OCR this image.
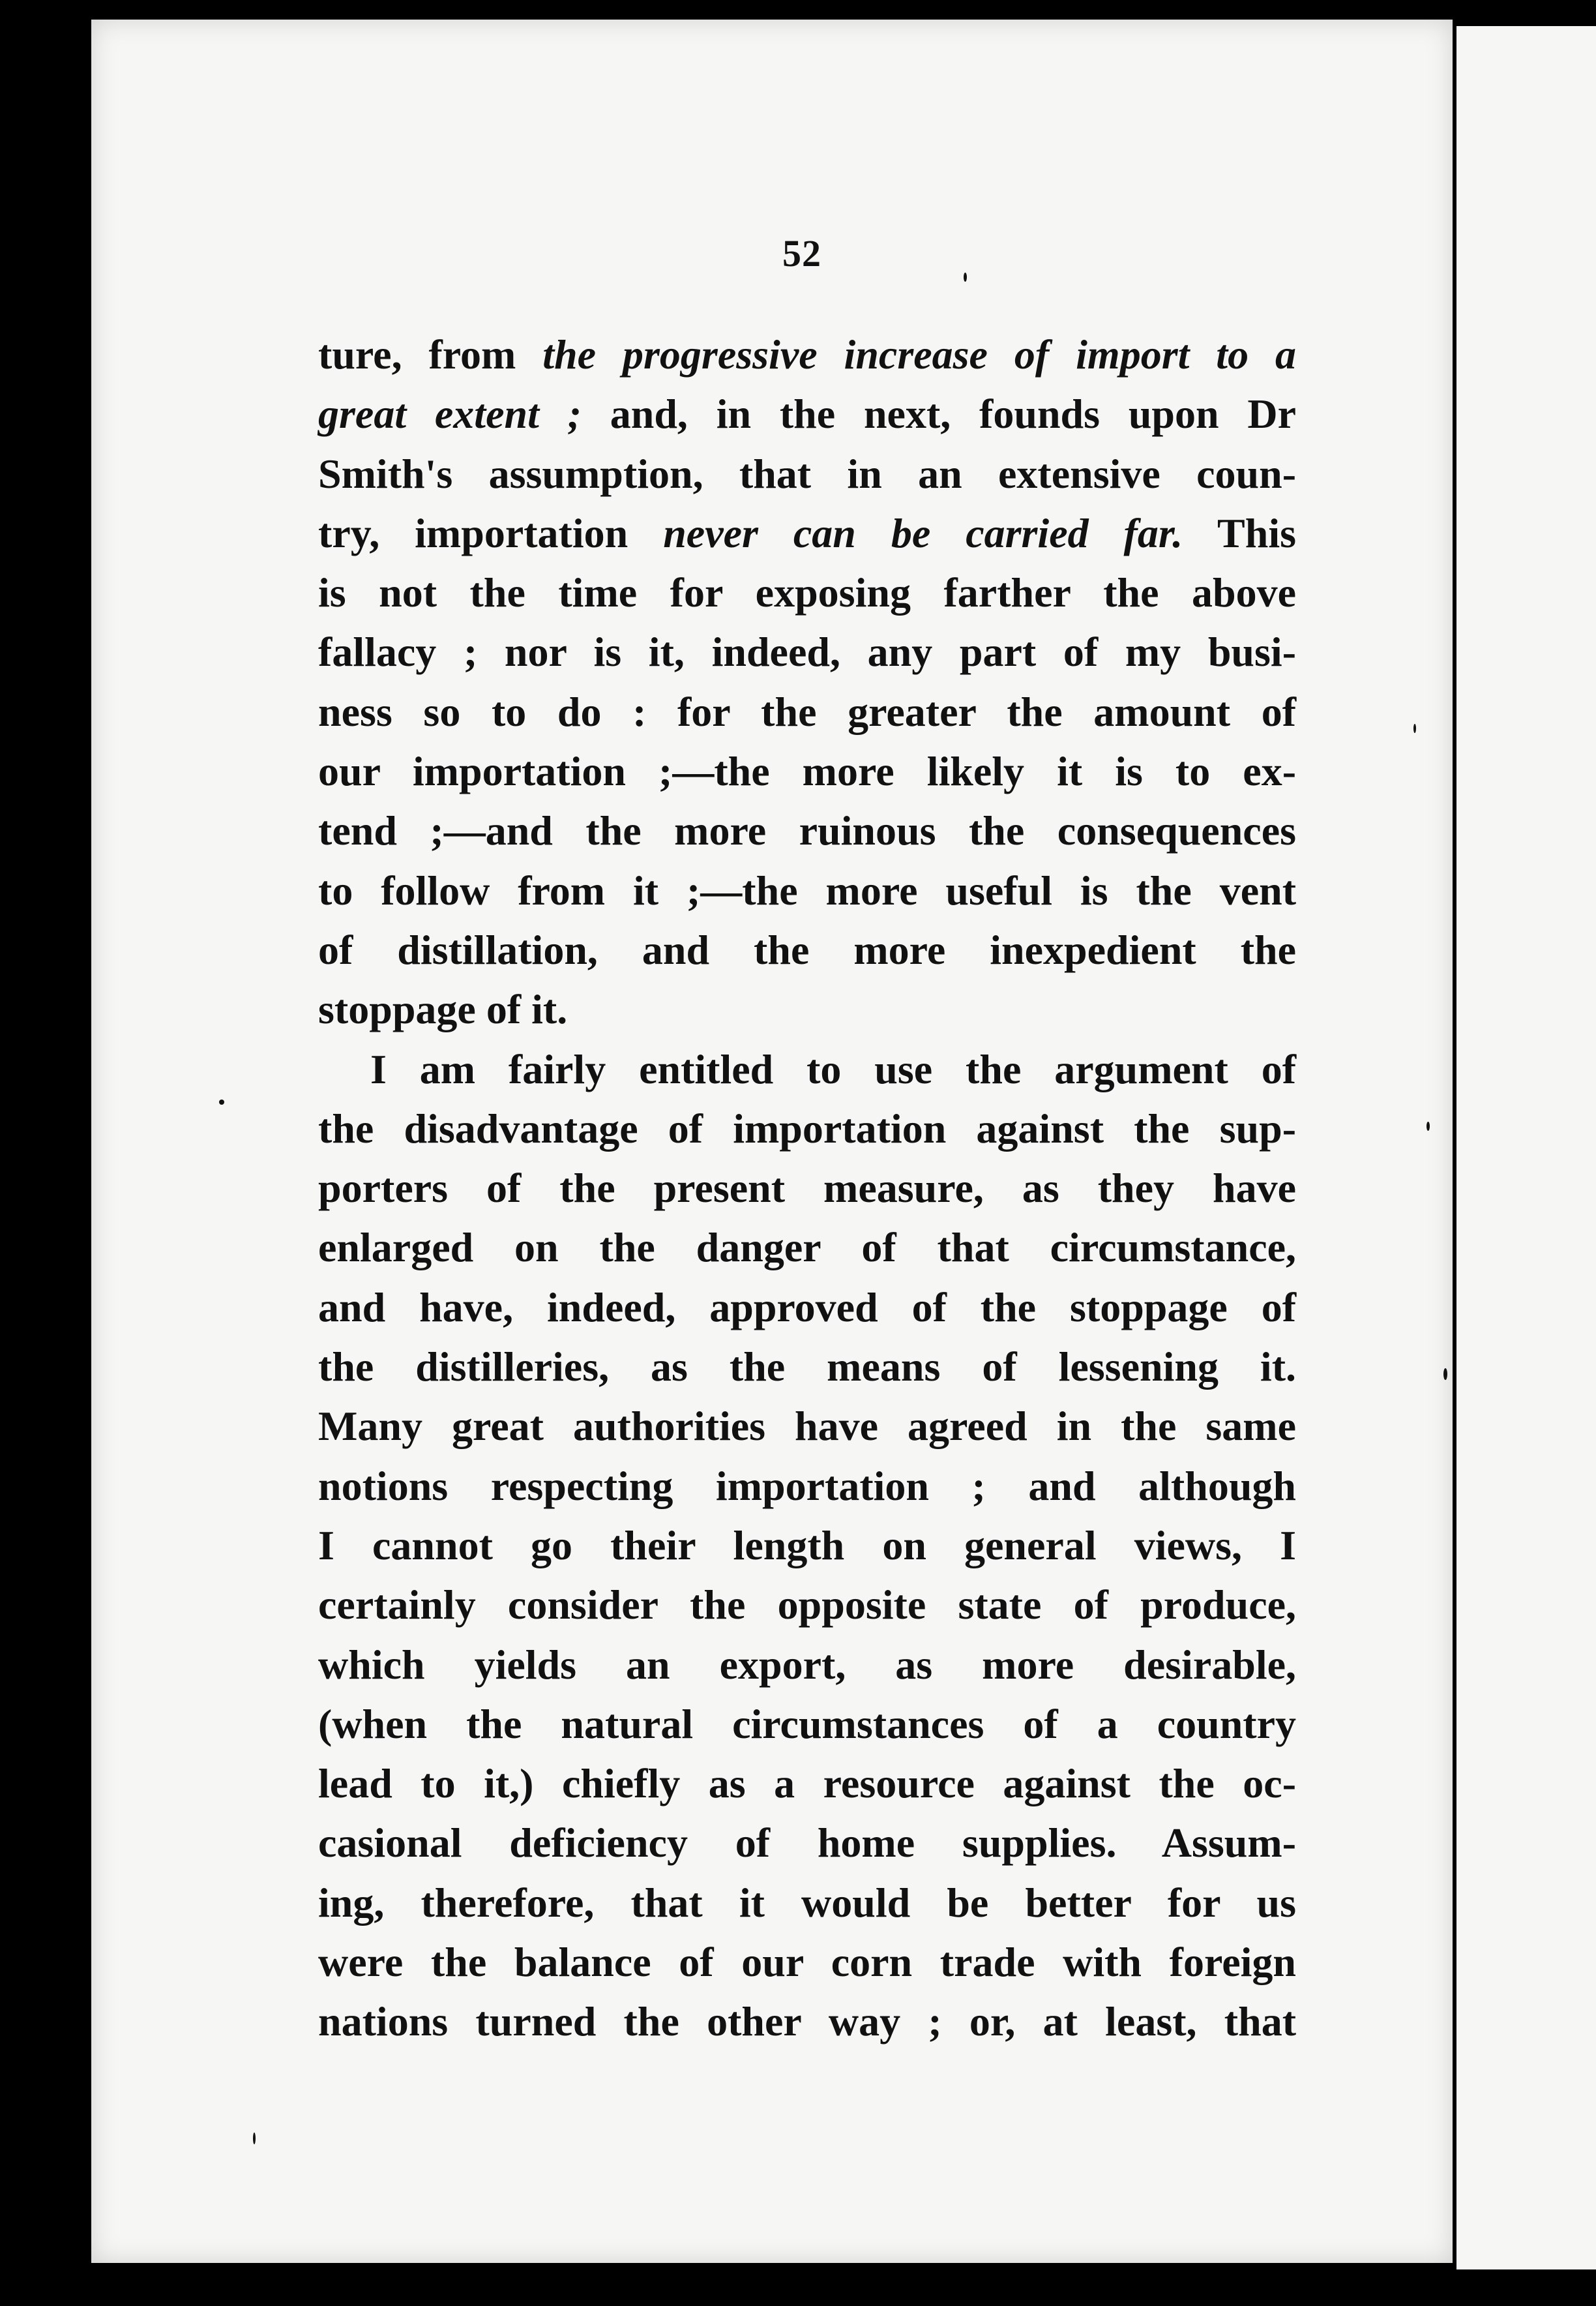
52
ture, from the progressive increase of import to a
great extent ; and, in the next, founds upon Dr
Smith's assumption, that in an extensive coun-
try, importation never can be carried far. This
is not the time for exposing farther the above
fallacy ; nor is it, indeed, any part of my busi-
ness so to do : for the greater the amount of
our importation ;—the more likely it is to ex-
tend ;—and the more ruinous the consequences
to follow from it ;—the more useful is the vent
of distillation, and the more inexpedient the
stoppage of it.
I am fairly entitled to use the argument of
the disadvantage of importation against the sup-
porters of the present measure, as they have
enlarged on the danger of that circumstance,
and have, indeed, approved of the stoppage of
the distilleries, as the means of lessening it.
Many great authorities have agreed in the same
notions respecting importation ; and although
I cannot go their length on general views, I
certainly consider the opposite state of produce,
which yields an export, as more desirable,
(when the natural circumstances of a country
lead to it,) chiefly as a resource against the oc-
casional deficiency of home supplies. Assum-
ing, therefore, that it would be better for us
were the balance of our corn trade with foreign
nations turned the other way ; or, at least, that
